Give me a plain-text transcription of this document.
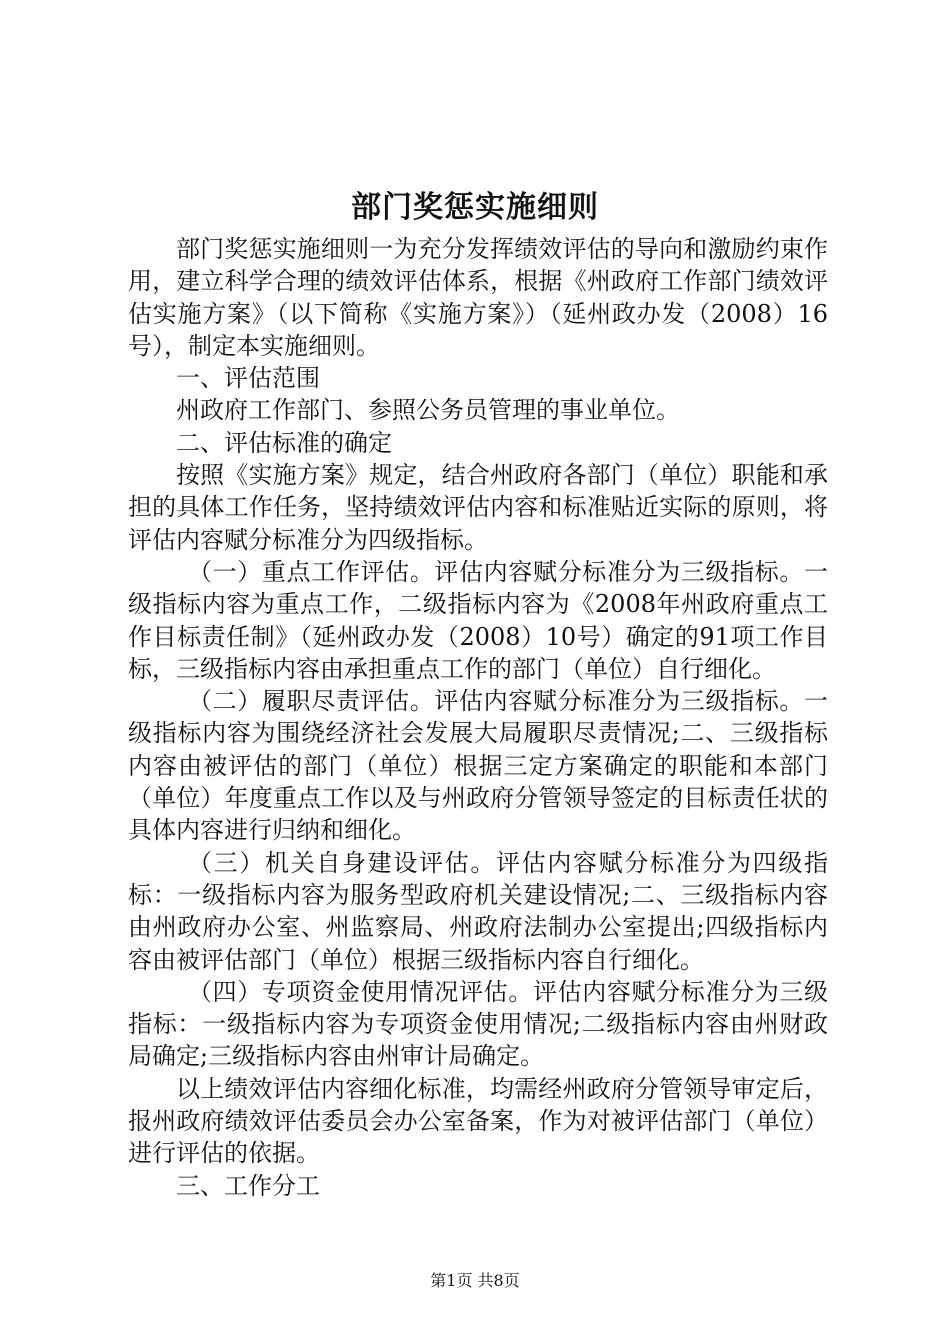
部门奖惩实施细则

部门奖惩实施细则一为充分发挥绩效评估的导向和激励约束作用，建立科学合理的绩效评估体系，根据《州政府工作部门绩效评估实施方案》（以下简称《实施方案》）（延州政办发（2008）16号），制定本实施细则。

一、评估范围

州政府工作部门、参照公务员管理的事业单位。

二、评估标准的确定

按照《实施方案》规定，结合州政府各部门（单位）职能和承担的具体工作任务，坚持绩效评估内容和标准贴近实际的原则，将评估内容赋分标准分为四级指标。

（一）重点工作评估。评估内容赋分标准分为三级指标。一级指标内容为重点工作，二级指标内容为《2008年州政府重点工作目标责任制》（延州政办发（2008）10号）确定的91项工作目标，三级指标内容由承担重点工作的部门（单位）自行细化。

（二）履职尽责评估。评估内容赋分标准分为三级指标。一级指标内容为围绕经济社会发展大局履职尽责情况;二、三级指标内容由被评估的部门（单位）根据三定方案确定的职能和本部门（单位）年度重点工作以及与州政府分管领导签定的目标责任状的具体内容进行归纳和细化。

（三）机关自身建设评估。评估内容赋分标准分为四级指标：一级指标内容为服务型政府机关建设情况;二、三级指标内容由州政府办公室、州监察局、州政府法制办公室提出;四级指标内容由被评估部门（单位）根据三级指标内容自行细化。

（四）专项资金使用情况评估。评估内容赋分标准分为三级指标：一级指标内容为专项资金使用情况;二级指标内容由州财政局确定;三级指标内容由州审计局确定。

以上绩效评估内容细化标准，均需经州政府分管领导审定后，报州政府绩效评估委员会办公室备案，作为对被评估部门（单位）进行评估的依据。

三、工作分工

第1页 共8页
